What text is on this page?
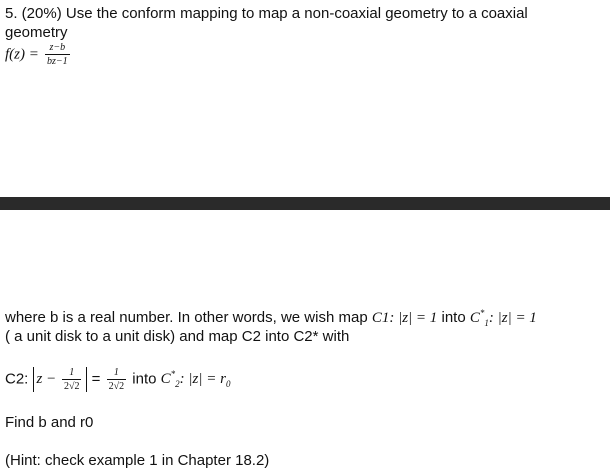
5. (20%) Use the conform mapping to map a non-coaxial geometry to a coaxial
geometry
$f(z) = \frac{z-b}{bz-1}$
where b is a real number. In other words, we wish map C1: |z| = 1 into $C^*_1$: |z| = 1
( a unit disk to a unit disk) and map C2 into C2* with
C2: $z - \frac{1}{2√2} = \frac{1}{2√2}$ into $C^*_2$: $|z| = r_0$
Find b and r0
(Hint: check example 1 in Chapter 18.2)
